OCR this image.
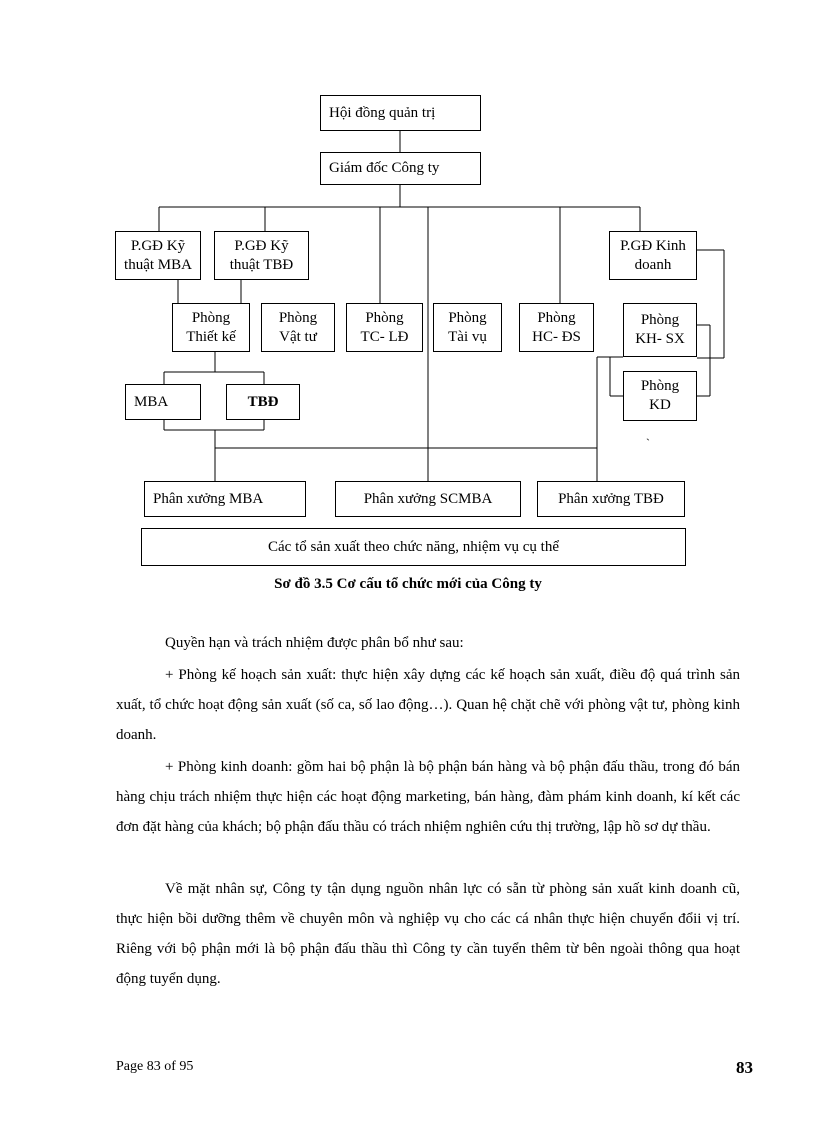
Hội đồng quản trị
Giám đốc Công ty
P.GĐ Kỹ
thuật MBA
P.GĐ Kỹ
thuật TBĐ
P.GĐ Kinh
doanh
Phòng
Thiết kế
Phòng
Vật tư
Phòng
TC- LĐ
Phòng
Tài vụ
Phòng
HC- ĐS
Phòng
KH- SX
Phòng
KD
MBA	TBĐ
`
Phân xưởng MBA	Phân xưởng SCMBA	Phân xưởng TBĐ
Các tổ sản xuất theo chức năng, nhiệm vụ cụ thể
Sơ đồ 3.5 Cơ cấu tổ chức mới của Công ty

Quyền hạn và trách nhiệm được phân bổ như sau:

+ Phòng kế hoạch sản xuất: thực hiện xây dựng các kế hoạch sản xuất, điều độ quá trình sản xuất, tổ chức hoạt động sản xuất (số ca, số lao động…). Quan hệ chặt chẽ với phòng vật tư, phòng kinh doanh.

+ Phòng kinh doanh: gồm hai bộ phận là bộ phận bán hàng và bộ phận đấu thầu, trong đó bán hàng chịu trách nhiệm thực hiện các hoạt động marketing, bán hàng, đàm phám kinh doanh, kí kết các đơn đặt hàng của khách; bộ phận đấu thầu có trách nhiệm nghiên cứu thị trường, lập hồ sơ dự thầu.

Về mặt nhân sự, Công ty tận dụng nguồn nhân lực có sẵn từ phòng sản xuất kinh doanh cũ, thực hiện bồi dưỡng thêm về chuyên môn và nghiệp vụ cho các cá nhân thực hiện chuyển đổii vị trí. Riêng với bộ phận mới là bộ phận đấu thầu thì Công ty cần tuyển thêm từ bên ngoài thông qua hoạt động tuyển dụng.

Page 83 of 95	83
